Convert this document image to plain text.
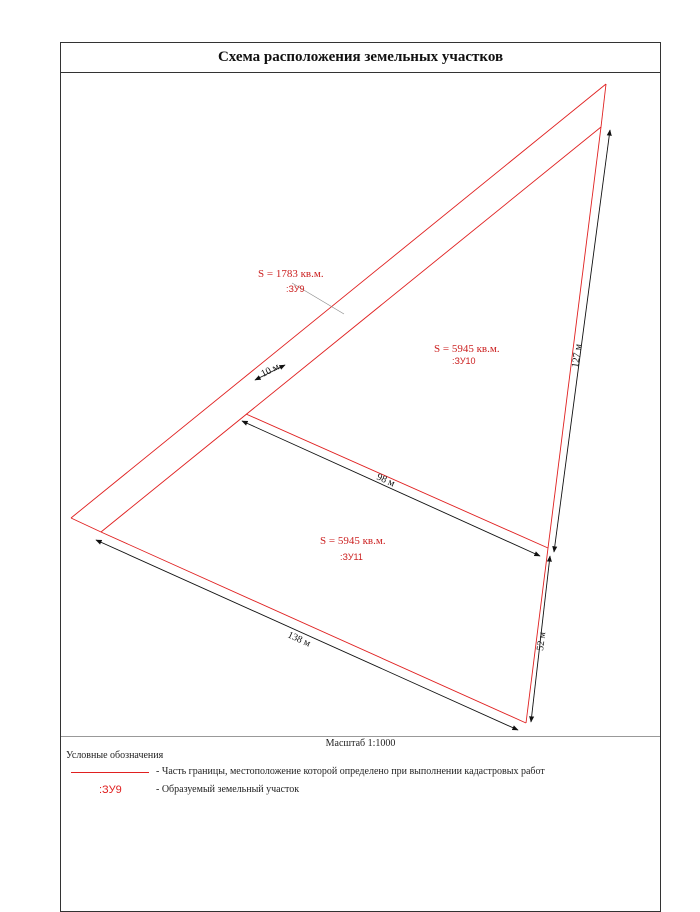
Схема расположения земельных участков
Масштаб 1:1000
Условные обозначения
- Часть границы, местоположение которой определено при выполнении кадастровых работ
:ЗУ9	- Образуемый земельный участок
S = 1783 кв.м.
:ЗУ9
S = 5945 кв.м.
:ЗУ10
S = 5945 кв.м.
:ЗУ11
10 м
127 м
98 м
138 м	52 м
